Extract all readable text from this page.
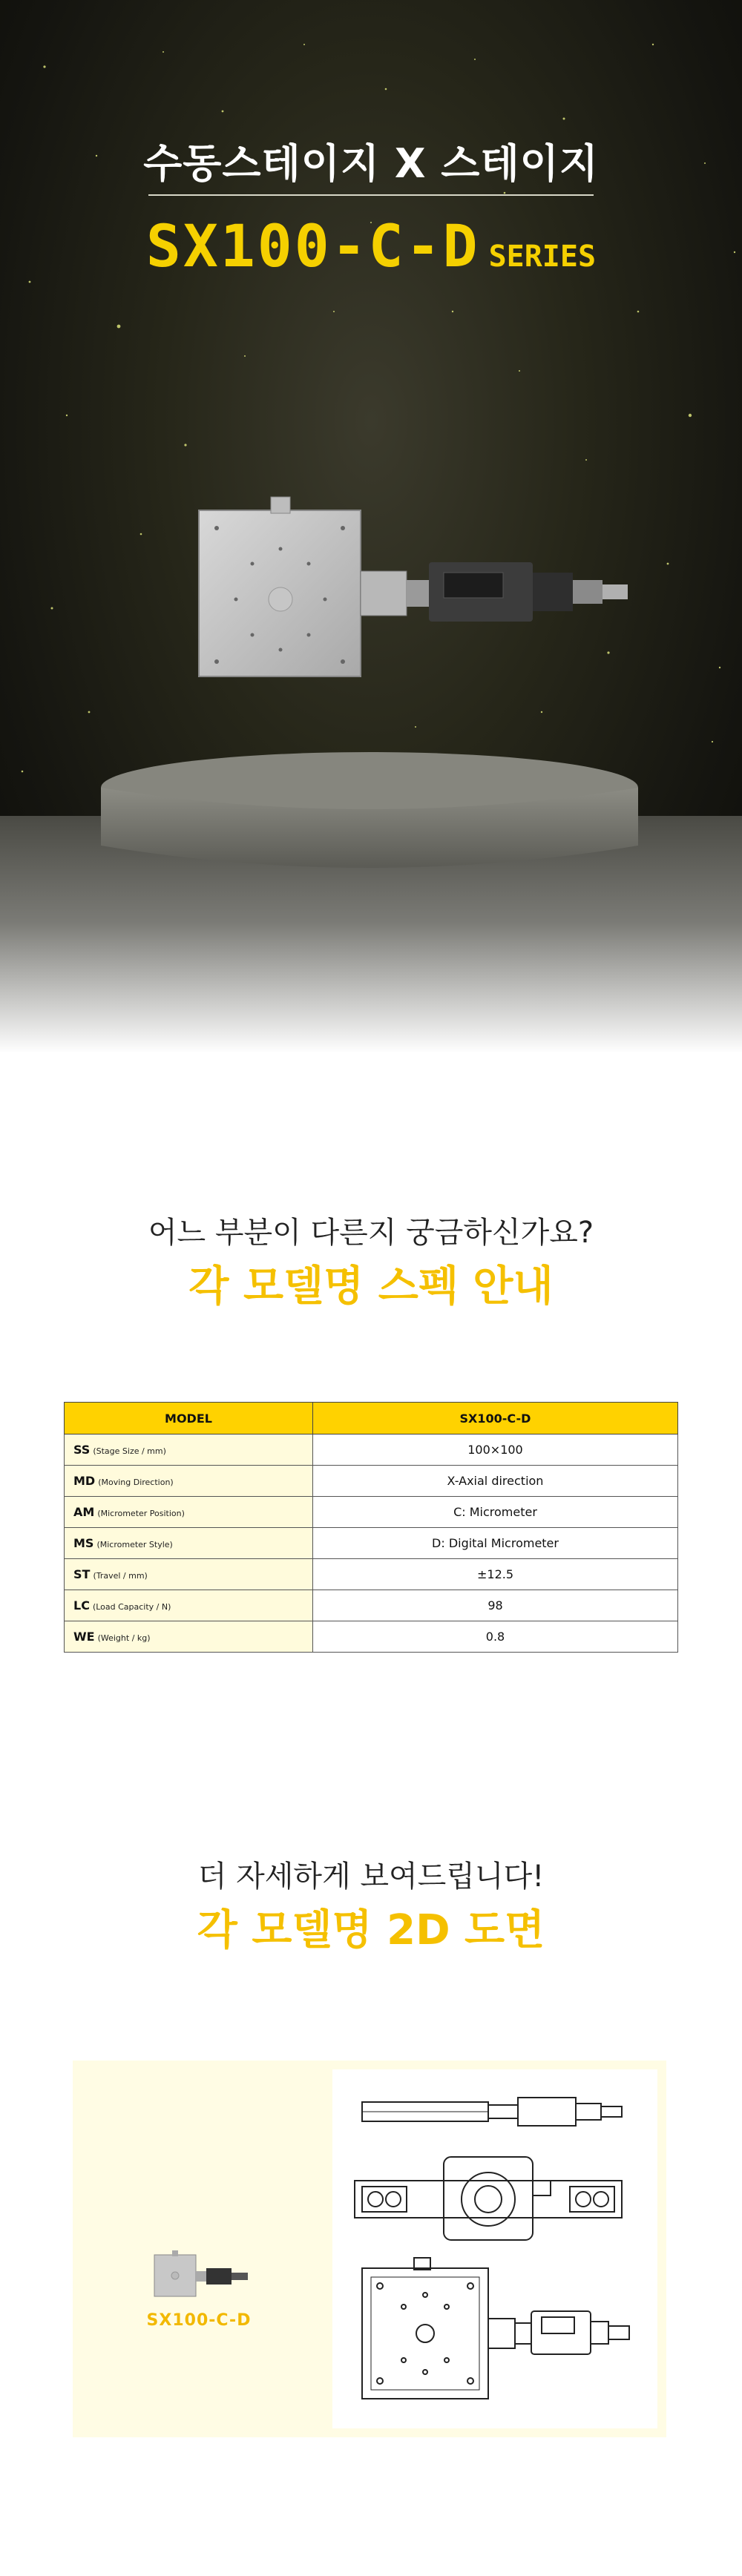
수동스테이지 X 스테이지
SX100-C-D SERIES
어느 부분이 다른지 궁금하신가요?
각 모델명 스펙 안내
MODEL	SX100-C-D
SS (Stage Size / mm)	100×100
MD (Moving Direction)	X-Axial direction
AM (Micrometer Position)	C: Micrometer
MS (Micrometer Style)	D: Digital Micrometer
ST (Travel / mm)	±12.5
LC (Load Capacity / N)	98
WE (Weight / kg)	0.8
더 자세하게 보여드립니다!
각 모델명 2D 도면
SX100-C-D
